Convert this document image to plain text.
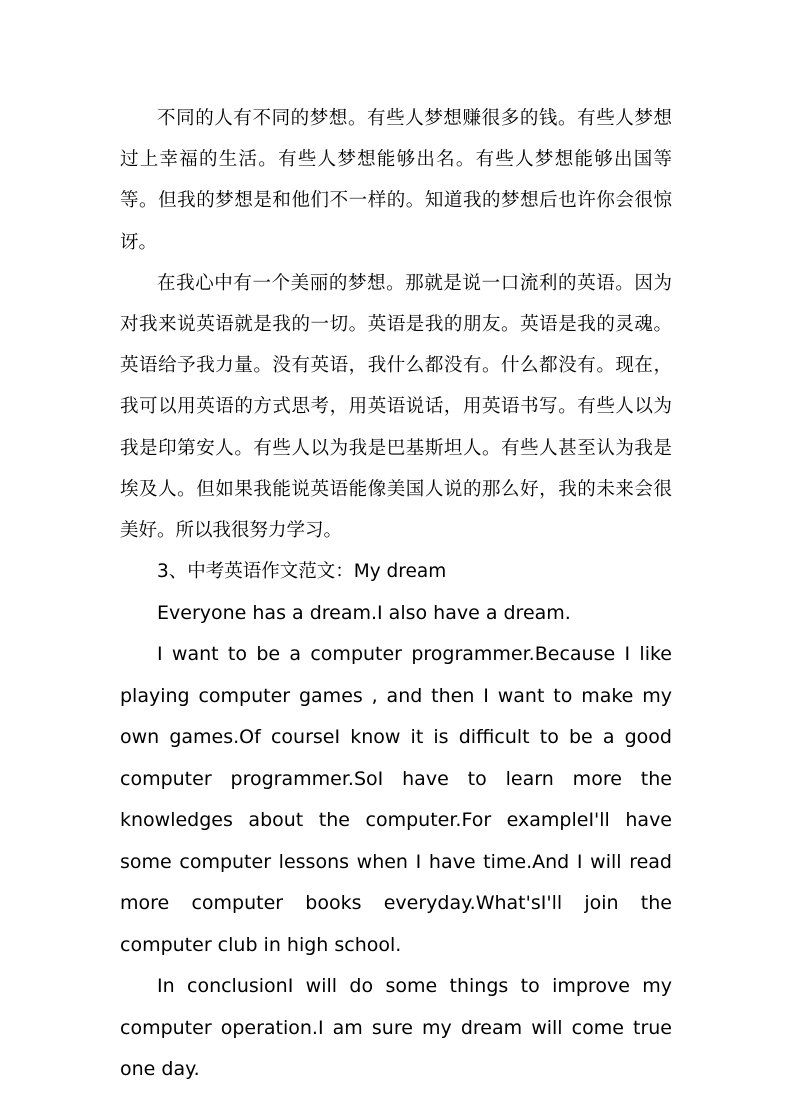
不同的人有不同的梦想。有些人梦想赚很多的钱。有些人梦想过上幸福的生活。有些人梦想能够出名。有些人梦想能够出国等等。但我的梦想是和他们不一样的。知道我的梦想后也许你会很惊讶。

在我心中有一个美丽的梦想。那就是说一口流利的英语。因为对我来说英语就是我的一切。英语是我的朋友。英语是我的灵魂。英语给予我力量。没有英语，我什么都没有。什么都没有。现在，我可以用英语的方式思考，用英语说话，用英语书写。有些人以为我是印第安人。有些人以为我是巴基斯坦人。有些人甚至认为我是埃及人。但如果我能说英语能像美国人说的那么好，我的未来会很美好。所以我很努力学习。

3、中考英语作文范文：My dream

Everyone has a dream.I also have a dream.

I want to be a computer programmer.Because I like playing computer games , and then I want to make my own games.Of courseI know it is difficult to be a good computer programmer.SoI have to learn more the knowledges about the computer.For exampleI'll have some computer lessons when I have time.And I will read more computer books everyday.What'sI'll join the computer club in high school.

In conclusionI will do some things to improve my computer operation.I am sure my dream will come true one day.
